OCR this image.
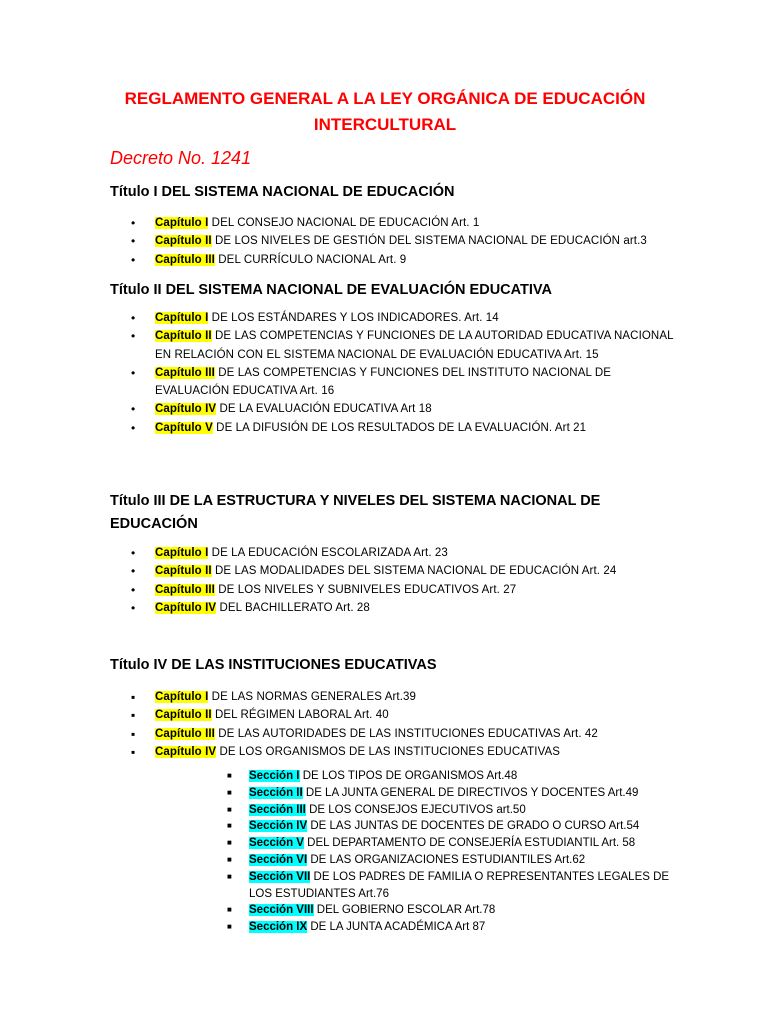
REGLAMENTO GENERAL A LA LEY ORGÁNICA DE EDUCACIÓN
INTERCULTURAL

Decreto No. 1241

Título I DEL SISTEMA NACIONAL DE EDUCACIÓN
• Capítulo I DEL CONSEJO NACIONAL DE EDUCACIÓN Art. 1
• Capítulo II DE LOS NIVELES DE GESTIÓN DEL SISTEMA NACIONAL DE EDUCACIÓN art.3
• Capítulo III DEL CURRÍCULO NACIONAL Art. 9
Título II DEL SISTEMA NACIONAL DE EVALUACIÓN EDUCATIVA
• Capítulo I DE LOS ESTÁNDARES Y LOS INDICADORES. Art. 14
• Capítulo II DE LAS COMPETENCIAS Y FUNCIONES DE LA AUTORIDAD EDUCATIVA NACIONAL EN RELACIÓN CON EL SISTEMA NACIONAL DE EVALUACIÓN EDUCATIVA Art. 15
• Capítulo III DE LAS COMPETENCIAS Y FUNCIONES DEL INSTITUTO NACIONAL DE EVALUACIÓN EDUCATIVA Art. 16
• Capítulo IV DE LA EVALUACIÓN EDUCATIVA Art 18
• Capítulo V DE LA DIFUSIÓN DE LOS RESULTADOS DE LA EVALUACIÓN. Art 21
Título III DE LA ESTRUCTURA Y NIVELES DEL SISTEMA NACIONAL DE EDUCACIÓN
• Capítulo I DE LA EDUCACIÓN ESCOLARIZADA Art. 23
• Capítulo II DE LAS MODALIDADES DEL SISTEMA NACIONAL DE EDUCACIÓN Art. 24
• Capítulo III DE LOS NIVELES Y SUBNIVELES EDUCATIVOS Art. 27
• Capítulo IV DEL BACHILLERATO Art. 28
Título IV DE LAS INSTITUCIONES EDUCATIVAS
▪ Capítulo I DE LAS NORMAS GENERALES Art.39
▪ Capítulo II DEL RÉGIMEN LABORAL Art. 40
▪ Capítulo III DE LAS AUTORIDADES DE LAS INSTITUCIONES EDUCATIVAS Art. 42
▪ Capítulo IV DE LOS ORGANISMOS DE LAS INSTITUCIONES EDUCATIVAS
■ Sección I DE LOS TIPOS DE ORGANISMOS Art.48
■ Sección II DE LA JUNTA GENERAL DE DIRECTIVOS Y DOCENTES Art.49
■ Sección III DE LOS CONSEJOS EJECUTIVOS art.50
■ Sección IV DE LAS JUNTAS DE DOCENTES DE GRADO O CURSO Art.54
■ Sección V DEL DEPARTAMENTO DE CONSEJERÍA ESTUDIANTIL Art. 58
■ Sección VI DE LAS ORGANIZACIONES ESTUDIANTILES Art.62
■ Sección VII DE LOS PADRES DE FAMILIA O REPRESENTANTES LEGALES DE LOS ESTUDIANTES Art.76
■ Sección VIII DEL GOBIERNO ESCOLAR Art.78
■ Sección IX DE LA JUNTA ACADÉMICA Art 87
